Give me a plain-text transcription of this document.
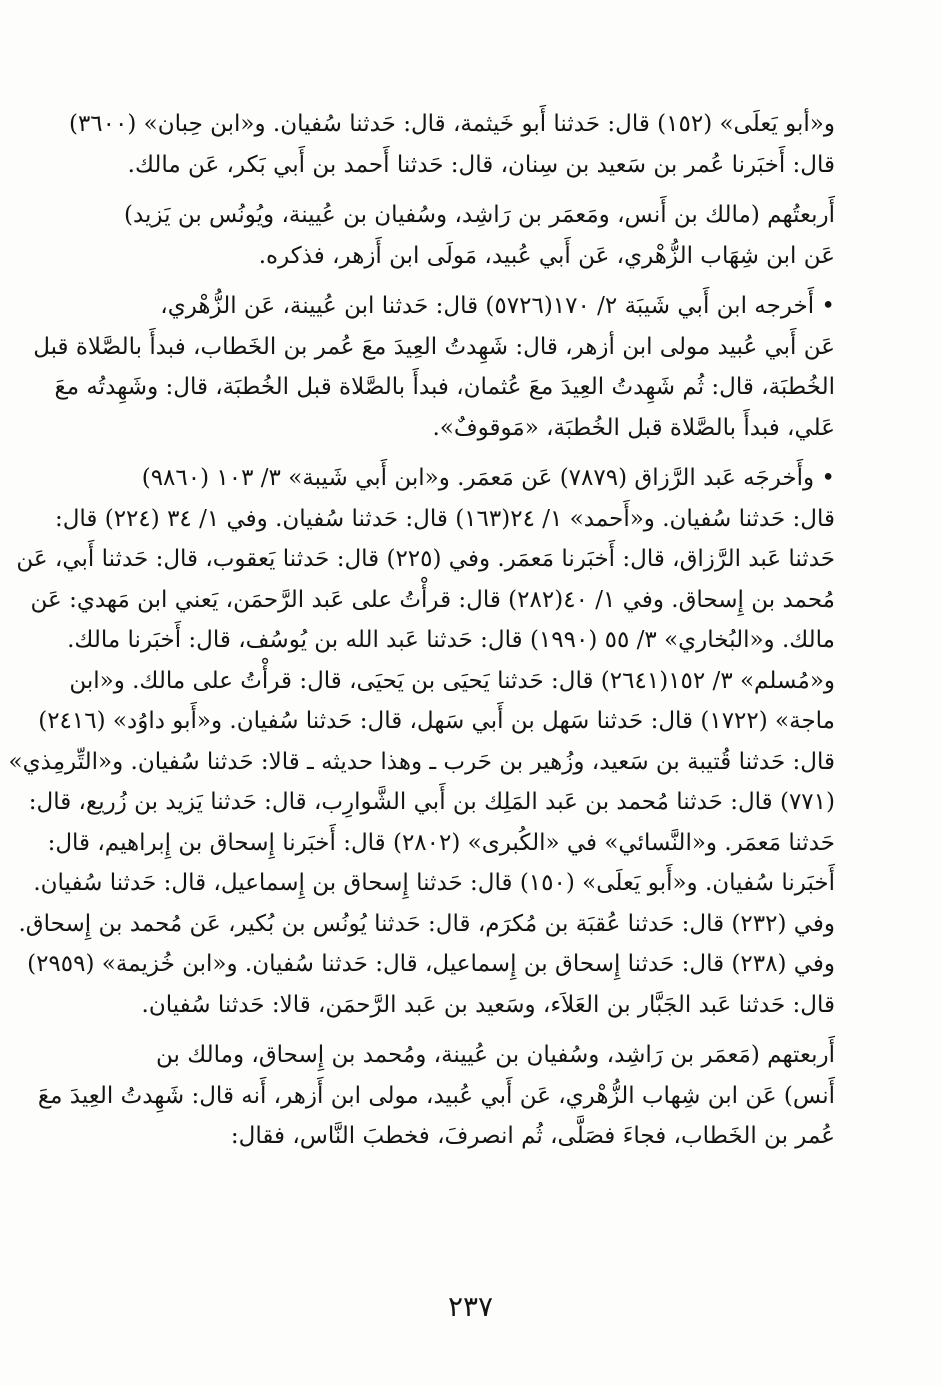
و«أبو يَعلَى» (١٥٢) قال: حَدثنا أَبو خَيثمة، قال: حَدثنا سُفيان. و«ابن حِبان» (٣٦٠٠)
قال: أَخبَرنا عُمر بن سَعيد بن سِنان، قال: حَدثنا أَحمد بن أَبي بَكر، عَن مالك.
أَربعتُهم (مالك بن أَنس، ومَعمَر بن رَاشِد، وسُفيان بن عُيينة، ويُونُس بن يَزيد)
عَن ابن شِهَاب الزُّهْري، عَن أَبي عُبيد، مَولَى ابن أَزهر، فذكره.
• أَخرجه ابن أَبي شَيبَة ٢/ ١٧٠(٥٧٢٦) قال: حَدثنا ابن عُيينة، عَن الزُّهْري،
عَن أَبي عُبيد مولى ابن أزهر، قال: شَهِدتُ العِيدَ معَ عُمر بن الخَطاب، فبدأَ بالصَّلاة قبل
الخُطبَة، قال: ثُم شَهِدتُ العِيدَ معَ عُثمان، فبدأَ بالصَّلاة قبل الخُطبَة، قال: وشَهِدتُه معَ
عَلي، فبدأَ بالصَّلاة قبل الخُطبَة، «مَوقوفٌ».
• وأَخرجَه عَبد الرَّزاق (٧٨٧٩) عَن مَعمَر. و«ابن أَبي شَيبة» ٣/ ١٠٣ (٩٨٦٠)
قال: حَدثنا سُفيان. و«أَحمد» ١/ ٢٤(١٦٣) قال: حَدثنا سُفيان. وفي ١/ ٣٤ (٢٢٤) قال:
حَدثنا عَبد الرَّزاق، قال: أَخبَرنا مَعمَر. وفي (٢٢٥) قال: حَدثنا يَعقوب، قال: حَدثنا أَبي، عَن
مُحمد بن إِسحاق. وفي ١/ ٤٠(٢٨٢) قال: قرأْتُ على عَبد الرَّحمَن، يَعني ابن مَهدي: عَن
مالك. و«البُخاري» ٣/ ٥٥ (١٩٩٠) قال: حَدثنا عَبد الله بن يُوسُف، قال: أَخبَرنا مالك.
و«مُسلم» ٣/ ١٥٢(٢٦٤١) قال: حَدثنا يَحيَى بن يَحيَى، قال: قرأْتُ على مالك. و«ابن
ماجة» (١٧٢٢) قال: حَدثنا سَهل بن أَبي سَهل، قال: حَدثنا سُفيان. و«أَبو داوُد» (٢٤١٦)
قال: حَدثنا قُتيبة بن سَعيد، وزُهير بن حَرب ـ وهذا حديثه ـ قالا: حَدثنا سُفيان. و«التِّرمِذي»
(٧٧١) قال: حَدثنا مُحمد بن عَبد المَلِك بن أَبي الشَّوارِب، قال: حَدثنا يَزيد بن زُريع، قال:
حَدثنا مَعمَر. و«النَّسائي» في «الكُبرى» (٢٨٠٢) قال: أَخبَرنا إِسحاق بن إِبراهيم، قال:
أَخبَرنا سُفيان. و«أَبو يَعلَى» (١٥٠) قال: حَدثنا إِسحاق بن إِسماعيل، قال: حَدثنا سُفيان.
وفي (٢٣٢) قال: حَدثنا عُقبَة بن مُكرَم، قال: حَدثنا يُونُس بن بُكير، عَن مُحمد بن إِسحاق.
وفي (٢٣٨) قال: حَدثنا إِسحاق بن إِسماعيل، قال: حَدثنا سُفيان. و«ابن خُزيمة» (٢٩٥٩)
قال: حَدثنا عَبد الجَبَّار بن العَلاَء، وسَعيد بن عَبد الرَّحمَن، قالا: حَدثنا سُفيان.
أَربعتهم (مَعمَر بن رَاشِد، وسُفيان بن عُيينة، ومُحمد بن إِسحاق، ومالك بن
أَنس) عَن ابن شِهاب الزُّهْري، عَن أَبي عُبيد، مولى ابن أَزهر، أَنه قال: شَهِدتُ العِيدَ معَ
عُمر بن الخَطاب، فجاءَ فصَلَّى، ثُم انصرفَ، فخطبَ النَّاس، فقال:
٢٣٧
